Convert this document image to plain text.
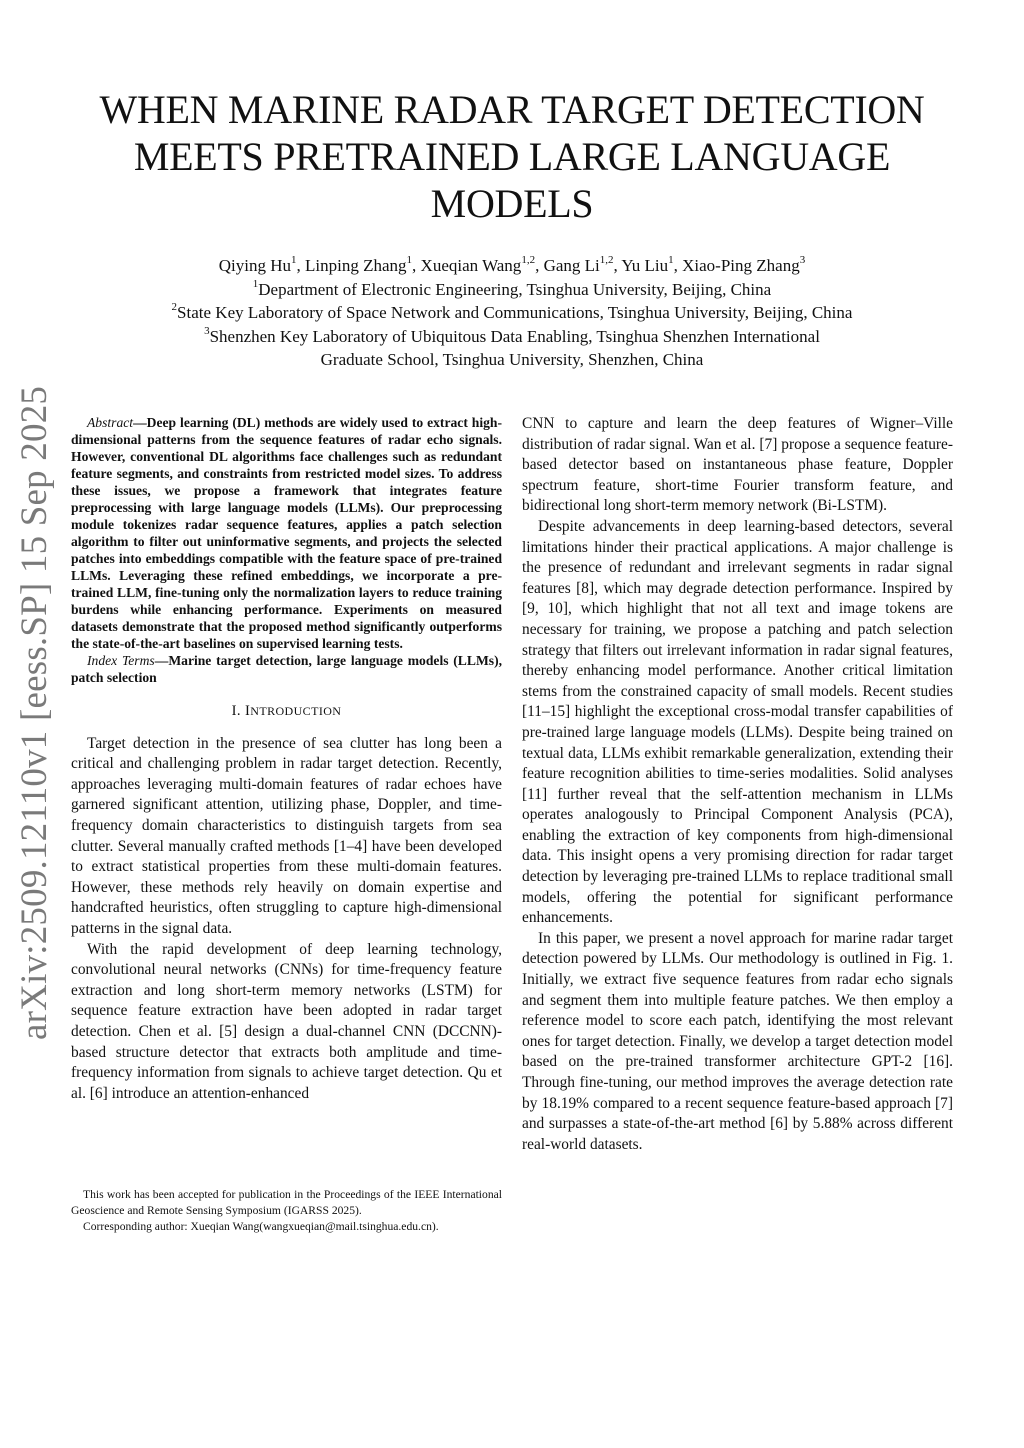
WHEN MARINE RADAR TARGET DETECTION
MEETS PRETRAINED LARGE LANGUAGE
MODELS
Qiying Hu$^1$, Linping Zhang$^1$, Xueqian Wang$^{1,2}$, Gang Li$^{1,2}$, Yu Liu$^1$, Xiao-Ping Zhang$^3$
$^1$Department of Electronic Engineering, Tsinghua University, Beijing, China
$^2$State Key Laboratory of Space Network and Communications, Tsinghua University, Beijing, China
$^3$Shenzhen Key Laboratory of Ubiquitous Data Enabling, Tsinghua Shenzhen International
Graduate School, Tsinghua University, Shenzhen, China
arXiv:2509.12110v1 [eess.SP] 15 Sep 2025	Abstract—Deep learning (DL) methods are widely used to extract high-dimensional patterns from the sequence features of radar echo signals. However, conventional DL algorithms face challenges such as redundant feature segments, and constraints from restricted model sizes. To address these issues, we propose a framework that integrates feature preprocessing with large language models (LLMs). Our preprocessing module tokenizes radar sequence features, applies a patch selection algorithm to filter out uninformative segments, and projects the selected patches into embeddings compatible with the feature space of pre-trained LLMs. Leveraging these refined embeddings, we incorporate a pre-trained LLM, fine-tuning only the normalization layers to reduce training burdens while enhancing performance. Experiments on measured datasets demonstrate that the proposed method significantly outperforms the state-of-the-art baselines on supervised learning tests.

Index Terms—Marine target detection, large language models (LLMs), patch selection

I. INTRODUCTION

Target detection in the presence of sea clutter has long been a critical and challenging problem in radar target detection. Recently, approaches leveraging multi-domain features of radar echoes have garnered significant attention, utilizing phase, Doppler, and time-frequency domain characteristics to distinguish targets from sea clutter. Several manually crafted methods [1–4] have been developed to extract statistical properties from these multi-domain features. However, these methods rely heavily on domain expertise and handcrafted heuristics, often struggling to capture high-dimensional patterns in the signal data.

With the rapid development of deep learning technology, convolutional neural networks (CNNs) for time-frequency feature extraction and long short-term memory networks (LSTM) for sequence feature extraction have been adopted in radar target detection. Chen et al. [5] design a dual-channel CNN (DCCNN)-based structure detector that extracts both amplitude and time-frequency information from signals to achieve target detection. Qu et al. [6] introduce an attention-enhanced

This work has been accepted for publication in the Proceedings of the IEEE International Geoscience and Remote Sensing Symposium (IGARSS 2025).

Corresponding author: Xueqian Wang(wangxueqian@mail.tsinghua.edu.cn).

CNN to capture and learn the deep features of Wigner–Ville distribution of radar signal. Wan et al. [7] propose a sequence feature-based detector based on instantaneous phase feature, Doppler spectrum feature, short-time Fourier transform feature, and bidirectional long short-term memory network (Bi-LSTM).

Despite advancements in deep learning-based detectors, several limitations hinder their practical applications. A major challenge is the presence of redundant and irrelevant segments in radar signal features [8], which may degrade detection performance. Inspired by [9, 10], which highlight that not all text and image tokens are necessary for training, we propose a patching and patch selection strategy that filters out irrelevant information in radar signal features, thereby enhancing model performance. Another critical limitation stems from the constrained capacity of small models. Recent studies [11–15] highlight the exceptional cross-modal transfer capabilities of pre-trained large language models (LLMs). Despite being trained on textual data, LLMs exhibit remarkable generalization, extending their feature recognition abilities to time-series modalities. Solid analyses [11] further reveal that the self-attention mechanism in LLMs operates analogously to Principal Component Analysis (PCA), enabling the extraction of key components from high-dimensional data. This insight opens a very promising direction for radar target detection by leveraging pre-trained LLMs to replace traditional small models, offering the potential for significant performance enhancements.

In this paper, we present a novel approach for marine radar target detection powered by LLMs. Our methodology is outlined in Fig. 1. Initially, we extract five sequence features from radar echo signals and segment them into multiple feature patches. We then employ a reference model to score each patch, identifying the most relevant ones for target detection. Finally, we develop a target detection model based on the pre-trained transformer architecture GPT-2 [16]. Through fine-tuning, our method improves the average detection rate by 18.19% compared to a recent sequence feature-based approach [7] and surpasses a state-of-the-art method [6] by 5.88% across different real-world datasets.
